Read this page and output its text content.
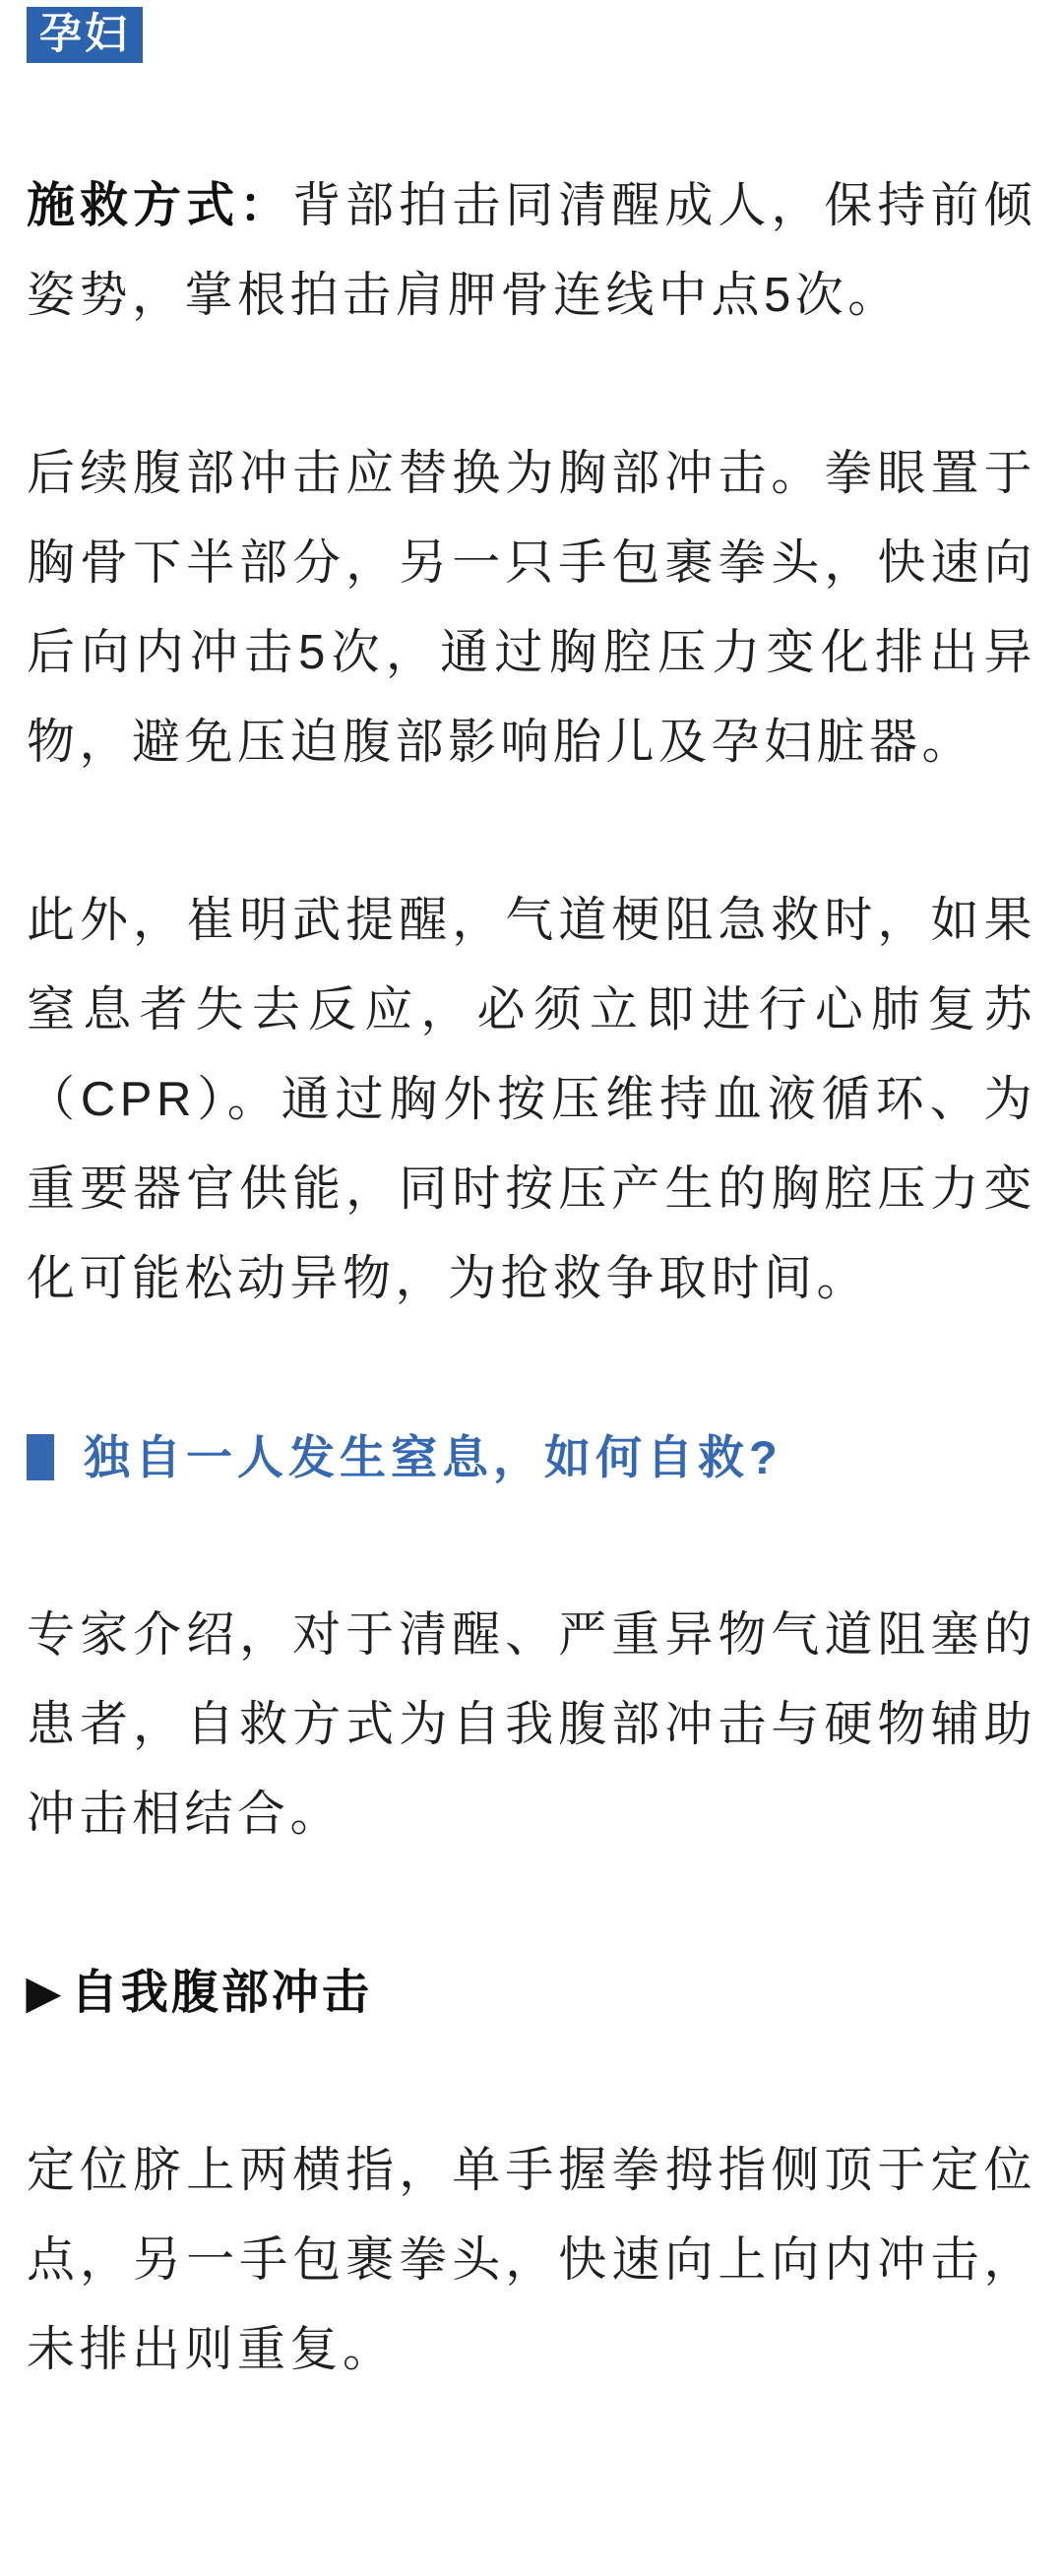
孕妇

施救方式：背部拍击同清醒成人，保持前倾姿势，掌根拍击肩胛骨连线中点5次。

后续腹部冲击应替换为胸部冲击。拳眼置于胸骨下半部分，另一只手包裹拳头，快速向后向内冲击5次，通过胸腔压力变化排出异物，避免压迫腹部影响胎儿及孕妇脏器。

此外，崔明武提醒，气道梗阻急救时，如果窒息者失去反应，必须立即进行心肺复苏（CPR）。通过胸外按压维持血液循环、为重要器官供能，同时按压产生的胸腔压力变化可能松动异物，为抢救争取时间。

独自一人发生窒息，如何自救?

专家介绍，对于清醒、严重异物气道阻塞的患者，自救方式为自我腹部冲击与硬物辅助冲击相结合。

▶ 自我腹部冲击

定位脐上两横指，单手握拳拇指侧顶于定位点，另一手包裹拳头，快速向上向内冲击，未排出则重复。
